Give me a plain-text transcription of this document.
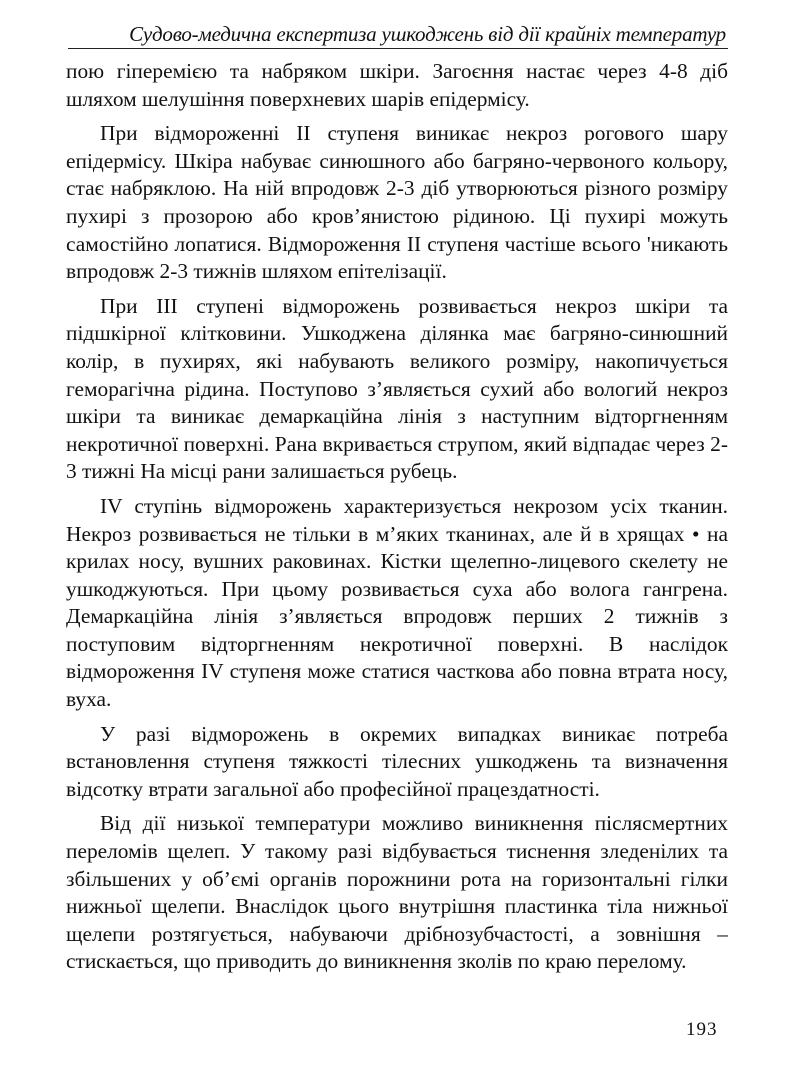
Судово-медична експертиза ушкоджень від дії крайніх температур

пою гіперемією та набряком шкіри. Загоєння настає через 4-8 діб шляхом шелушіння поверхневих шарів епідермісу.

При відмороженні II ступеня виникає некроз рогового шару епідермісу. Шкіра набуває синюшного або багряно-червоного кольору, стає набряклою. На ній впродовж 2-3 діб утворюються різного розміру пухирі з прозорою або кров’янистою рідиною. Ці пухирі можуть самостійно лопатися. Відмороження II ступеня частіше всього 'никають впродовж 2-3 тижнів шляхом епітелізації.

При III ступені відморожень розвивається некроз шкіри та підшкірної клітковини. Ушкоджена ділянка має багряно-синюшний колір, в пухирях, які набувають великого розміру, накопичується геморагічна рідина. Поступово з’являється сухий або вологий некроз шкіри та виникає демаркаційна лінія з наступним відторгненням некротичної поверхні. Рана вкривається струпом, який відпадає через 2-3 тижні На місці рани залишається рубець.

IV ступінь відморожень характеризується некрозом усіх тканин. Некроз розвивається не тільки в м’яких тканинах, але й в хрящах • на крилах носу, вушних раковинах. Кістки щелепно-лицевого скелету не ушкоджуються. При цьому розвивається суха або волога гангрена. Демаркаційна лінія з’являється впродовж перших 2 тижнів з поступовим відторгненням некротичної поверхні. В наслідок відмороження IV ступеня може статися часткова або повна втрата носу, вуха.

У разі відморожень в окремих випадках виникає потреба встановлення ступеня тяжкості тілесних ушкоджень та визначення відсотку втрати загальної або професійної працездатності.

Від дії низької температури можливо виникнення післясмертних переломів щелеп. У такому разі відбувається тиснення зледенілих та збільшених у об’ємі органів порожнини рота на горизонтальні гілки нижньої щелепи. Внаслідок цього внутрішня пластинка тіла нижньої щелепи розтягується, набуваючи дрібнозубчастості, а зовнішня – стискається, що приводить до виникнення зколів по краю перелому.

193
